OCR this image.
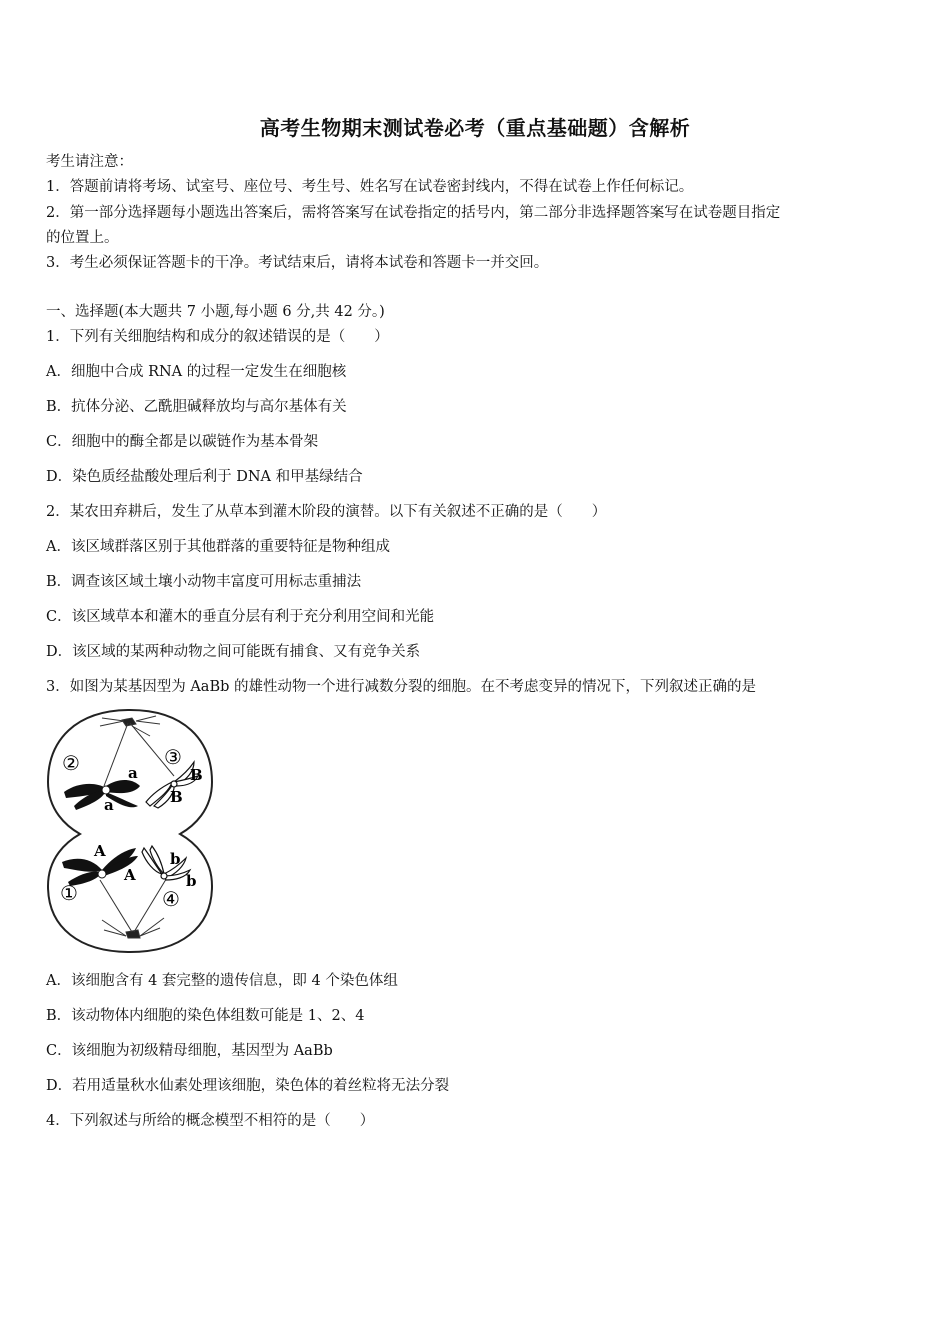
高考生物期末测试卷必考（重点基础题）含解析
考生请注意：
1．答题前请将考场、试室号、座位号、考生号、姓名写在试卷密封线内，不得在试卷上作任何标记。
2．第一部分选择题每小题选出答案后，需将答案写在试卷指定的括号内，第二部分非选择题答案写在试卷题目指定
的位置上。
3．考生必须保证答题卡的干净。考试结束后，请将本试卷和答题卡一并交回。
一、选择题(本大题共 7 小题,每小题 6 分,共 42 分。)
1．下列有关细胞结构和成分的叙述错误的是（　　）
A．细胞中合成 RNA 的过程一定发生在细胞核
B．抗体分泌、乙酰胆碱释放均与高尔基体有关
C．细胞中的酶全都是以碳链作为基本骨架
D．染色质经盐酸处理后利于 DNA 和甲基绿结合
2．某农田弃耕后，发生了从草本到灌木阶段的演替。以下有关叙述不正确的是（　　）
A．该区域群落区别于其他群落的重要特征是物种组成
B．调查该区域土壤小动物丰富度可用标志重捕法
C．该区域草本和灌木的垂直分层有利于充分利用空间和光能
D．该区域的某两种动物之间可能既有捕食、又有竞争关系
3．如图为某基因型为 AaBb 的雄性动物一个进行减数分裂的细胞。在不考虑变异的情况下，下列叙述正确的是
②	③
①	④
a
a
B
B
A
A
b
b
A．该细胞含有 4 套完整的遗传信息，即 4 个染色体组
B．该动物体内细胞的染色体组数可能是 1、2、4
C．该细胞为初级精母细胞，基因型为 AaBb
D．若用适量秋水仙素处理该细胞，染色体的着丝粒将无法分裂
4．下列叙述与所给的概念模型不相符的是（　　）
